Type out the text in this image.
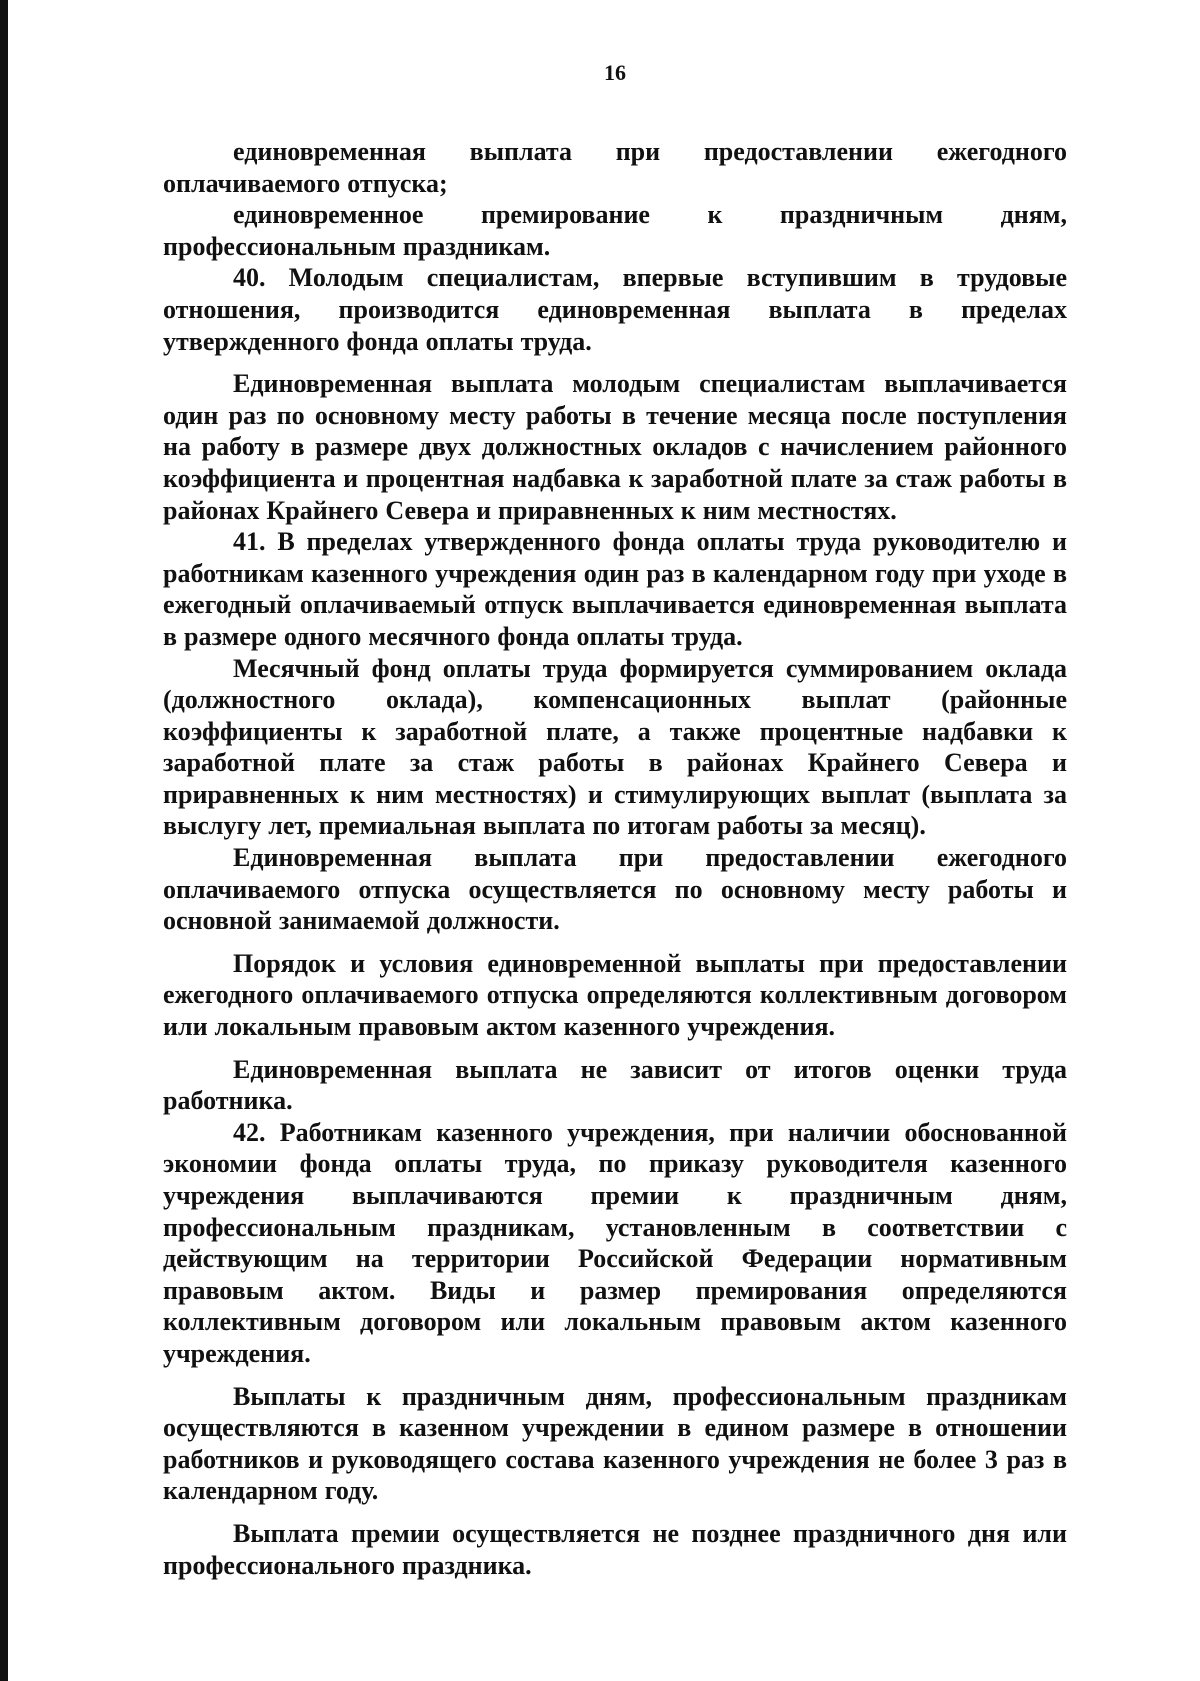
16

единовременная выплата при предоставлении ежегодного оплачиваемого отпуска;

единовременное премирование к праздничным дням, профессиональным праздникам.

40. Молодым специалистам, впервые вступившим в трудовые отношения, производится единовременная выплата в пределах утвержденного фонда оплаты труда.

Единовременная выплата молодым специалистам выплачивается один раз по основному месту работы в течение месяца после поступления на работу в размере двух должностных окладов с начислением районного коэффициента и процентная надбавка к заработной плате за стаж работы в районах Крайнего Севера и приравненных к ним местностях.

41. В пределах утвержденного фонда оплаты труда руководителю и работникам казенного учреждения один раз в календарном году при уходе в ежегодный оплачиваемый отпуск выплачивается единовременная выплата в размере одного месячного фонда оплаты труда.

Месячный фонд оплаты труда формируется суммированием оклада (должностного оклада), компенсационных выплат (районные коэффициенты к заработной плате, а также процентные надбавки к заработной плате за стаж работы в районах Крайнего Севера и приравненных к ним местностях) и стимулирующих выплат (выплата за выслугу лет, премиальная выплата по итогам работы за месяц).

Единовременная выплата при предоставлении ежегодного оплачиваемого отпуска осуществляется по основному месту работы и основной занимаемой должности.

Порядок и условия единовременной выплаты при предоставлении ежегодного оплачиваемого отпуска определяются коллективным договором или локальным правовым актом казенного учреждения.

Единовременная выплата не зависит от итогов оценки труда работника.

42. Работникам казенного учреждения, при наличии обоснованной экономии фонда оплаты труда, по приказу руководителя казенного учреждения выплачиваются премии к праздничным дням, профессиональным праздникам, установленным в соответствии с действующим на территории Российской Федерации нормативным правовым актом. Виды и размер премирования определяются коллективным договором или локальным правовым актом казенного учреждения.

Выплаты к праздничным дням, профессиональным праздникам осуществляются в казенном учреждении в едином размере в отношении работников и руководящего состава казенного учреждения не более 3 раз в календарном году.

Выплата премии осуществляется не позднее праздничного дня или профессионального праздника.
